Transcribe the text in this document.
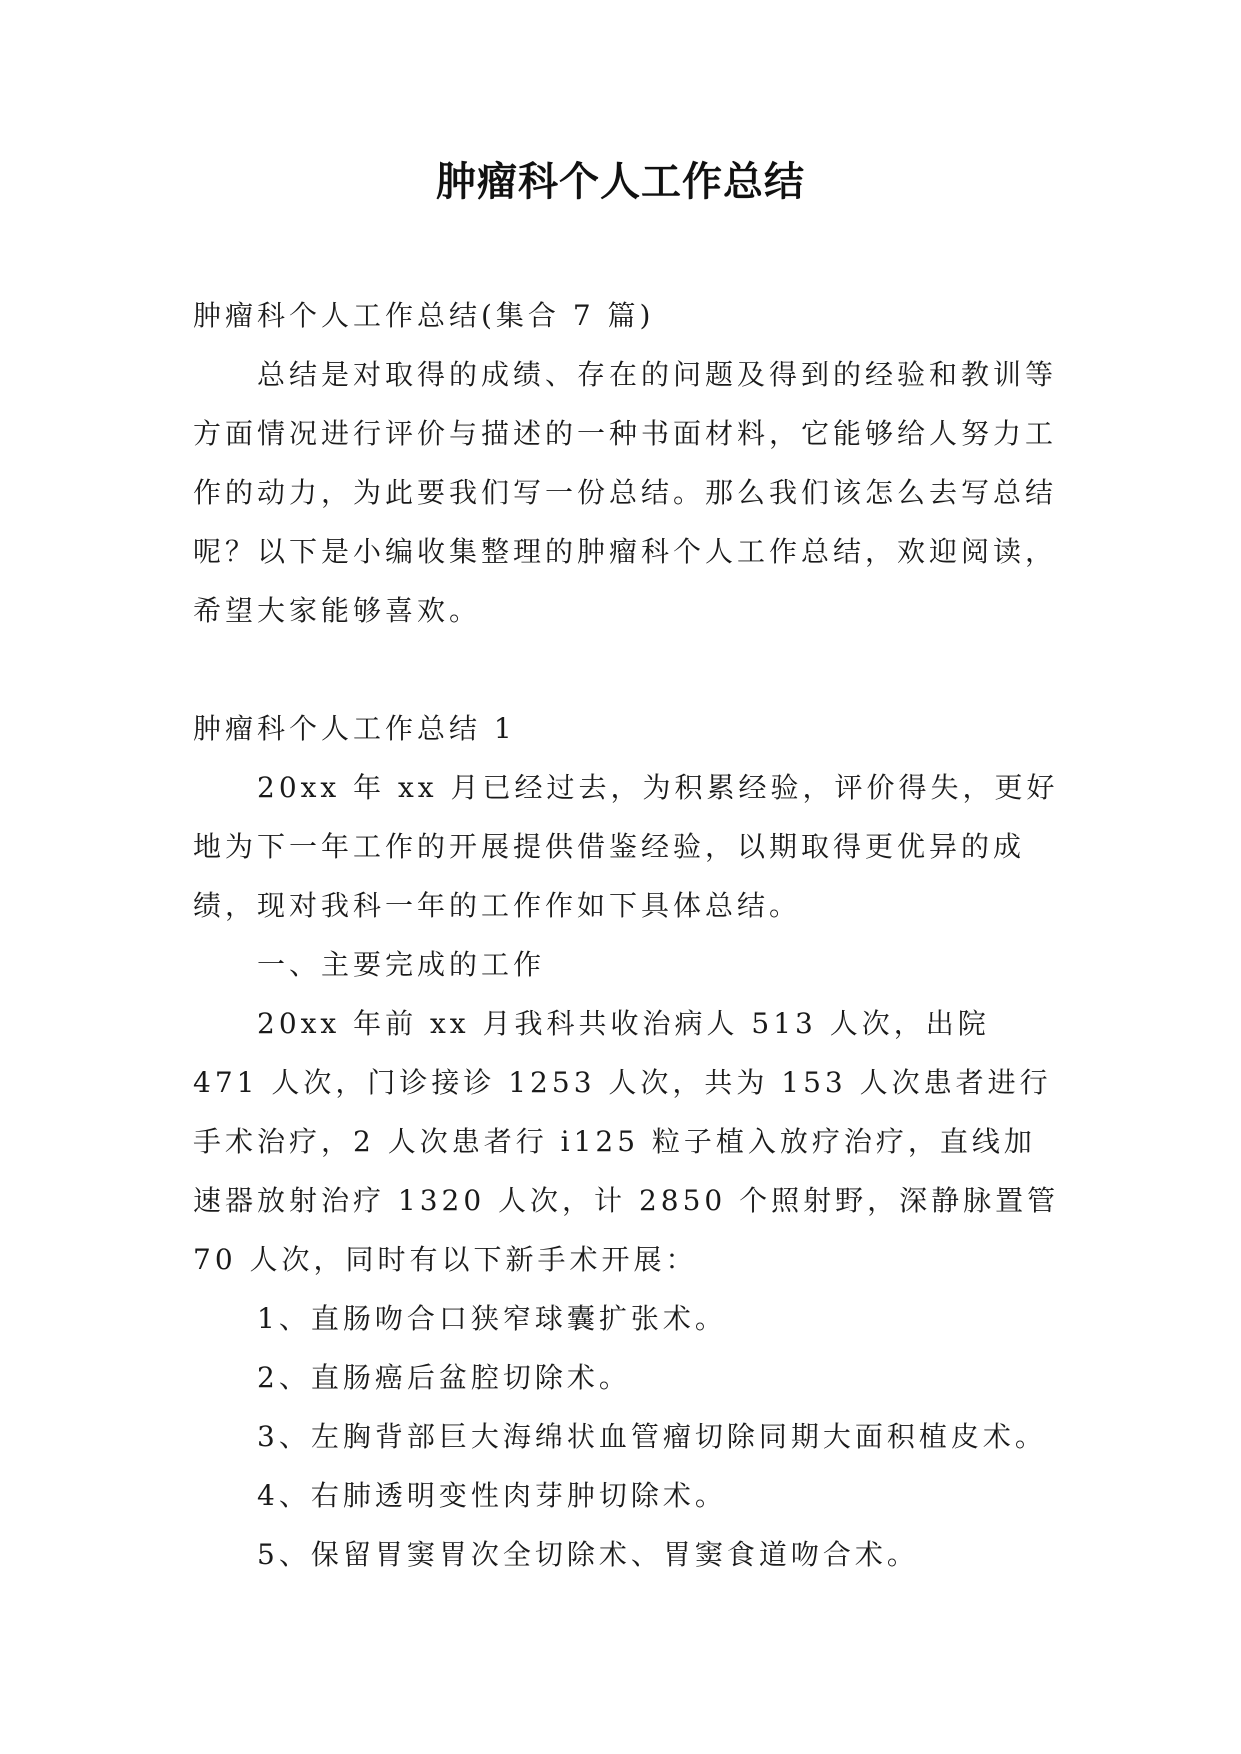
肿瘤科个人工作总结

肿瘤科个人工作总结(集合 7 篇)

总结是对取得的成绩、存在的问题及得到的经验和教训等方面情况进行评价与描述的一种书面材料，它能够给人努力工作的动力，为此要我们写一份总结。那么我们该怎么去写总结呢？以下是小编收集整理的肿瘤科个人工作总结，欢迎阅读，希望大家能够喜欢。

肿瘤科个人工作总结 1

20xx 年 xx 月已经过去，为积累经验，评价得失，更好地为下一年工作的开展提供借鉴经验，以期取得更优异的成绩，现对我科一年的工作作如下具体总结。

一、主要完成的工作

20xx 年前 xx 月我科共收治病人 513 人次，出院 471 人次，门诊接诊 1253 人次，共为 153 人次患者进行手术治疗，2 人次患者行 i125 粒子植入放疗治疗，直线加速器放射治疗 1320 人次，计 2850 个照射野，深静脉置管 70 人次，同时有以下新手术开展：

1、直肠吻合口狭窄球囊扩张术。

2、直肠癌后盆腔切除术。

3、左胸背部巨大海绵状血管瘤切除同期大面积植皮术。

4、右肺透明变性肉芽肿切除术。

5、保留胃窦胃次全切除术、胃窦食道吻合术。
